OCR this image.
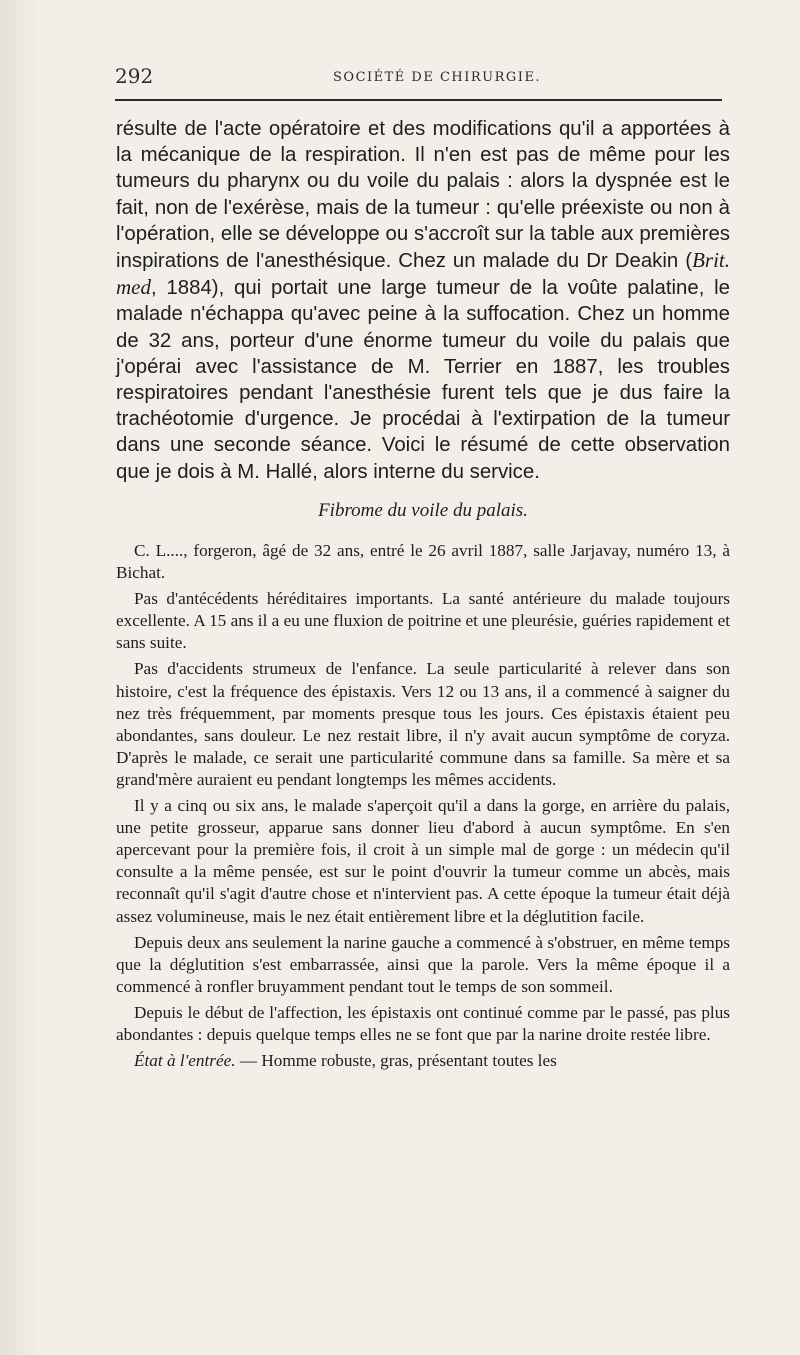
292	SOCIÉTÉ DE CHIRURGIE.

résulte de l'acte opératoire et des modifications qu'il a apportées à la mécanique de la respiration. Il n'en est pas de même pour les tumeurs du pharynx ou du voile du palais : alors la dyspnée est le fait, non de l'exérèse, mais de la tumeur : qu'elle préexiste ou non à l'opération, elle se développe ou s'accroît sur la table aux premières inspirations de l'anesthésique. Chez un malade du Dr Deakin (Brit. med, 1884), qui portait une large tumeur de la voûte palatine, le malade n'échappa qu'avec peine à la suffocation. Chez un homme de 32 ans, porteur d'une énorme tumeur du voile du palais que j'opérai avec l'assistance de M. Terrier en 1887, les troubles respiratoires pendant l'anesthésie furent tels que je dus faire la trachéotomie d'urgence. Je procédai à l'extirpation de la tumeur dans une seconde séance. Voici le résumé de cette observation que je dois à M. Hallé, alors interne du service.

Fibrome du voile du palais.

C. L...., forgeron, âgé de 32 ans, entré le 26 avril 1887, salle Jarjavay, numéro 13, à Bichat.

Pas d'antécédents héréditaires importants. La santé antérieure du malade toujours excellente. A 15 ans il a eu une fluxion de poitrine et une pleurésie, guéries rapidement et sans suite.

Pas d'accidents strumeux de l'enfance. La seule particularité à relever dans son histoire, c'est la fréquence des épistaxis. Vers 12 ou 13 ans, il a commencé à saigner du nez très fréquemment, par moments presque tous les jours. Ces épistaxis étaient peu abondantes, sans douleur. Le nez restait libre, il n'y avait aucun symptôme de coryza. D'après le malade, ce serait une particularité commune dans sa famille. Sa mère et sa grand'mère auraient eu pendant longtemps les mêmes accidents.

Il y a cinq ou six ans, le malade s'aperçoit qu'il a dans la gorge, en arrière du palais, une petite grosseur, apparue sans donner lieu d'abord à aucun symptôme. En s'en apercevant pour la première fois, il croit à un simple mal de gorge : un médecin qu'il consulte a la même pensée, est sur le point d'ouvrir la tumeur comme un abcès, mais reconnaît qu'il s'agit d'autre chose et n'intervient pas. A cette époque la tumeur était déjà assez volumineuse, mais le nez était entièrement libre et la déglutition facile.

Depuis deux ans seulement la narine gauche a commencé à s'obstruer, en même temps que la déglutition s'est embarrassée, ainsi que la parole. Vers la même époque il a commencé à ronfler bruyamment pendant tout le temps de son sommeil.

Depuis le début de l'affection, les épistaxis ont continué comme par le passé, pas plus abondantes : depuis quelque temps elles ne se font que par la narine droite restée libre.

État à l'entrée. — Homme robuste, gras, présentant toutes les
